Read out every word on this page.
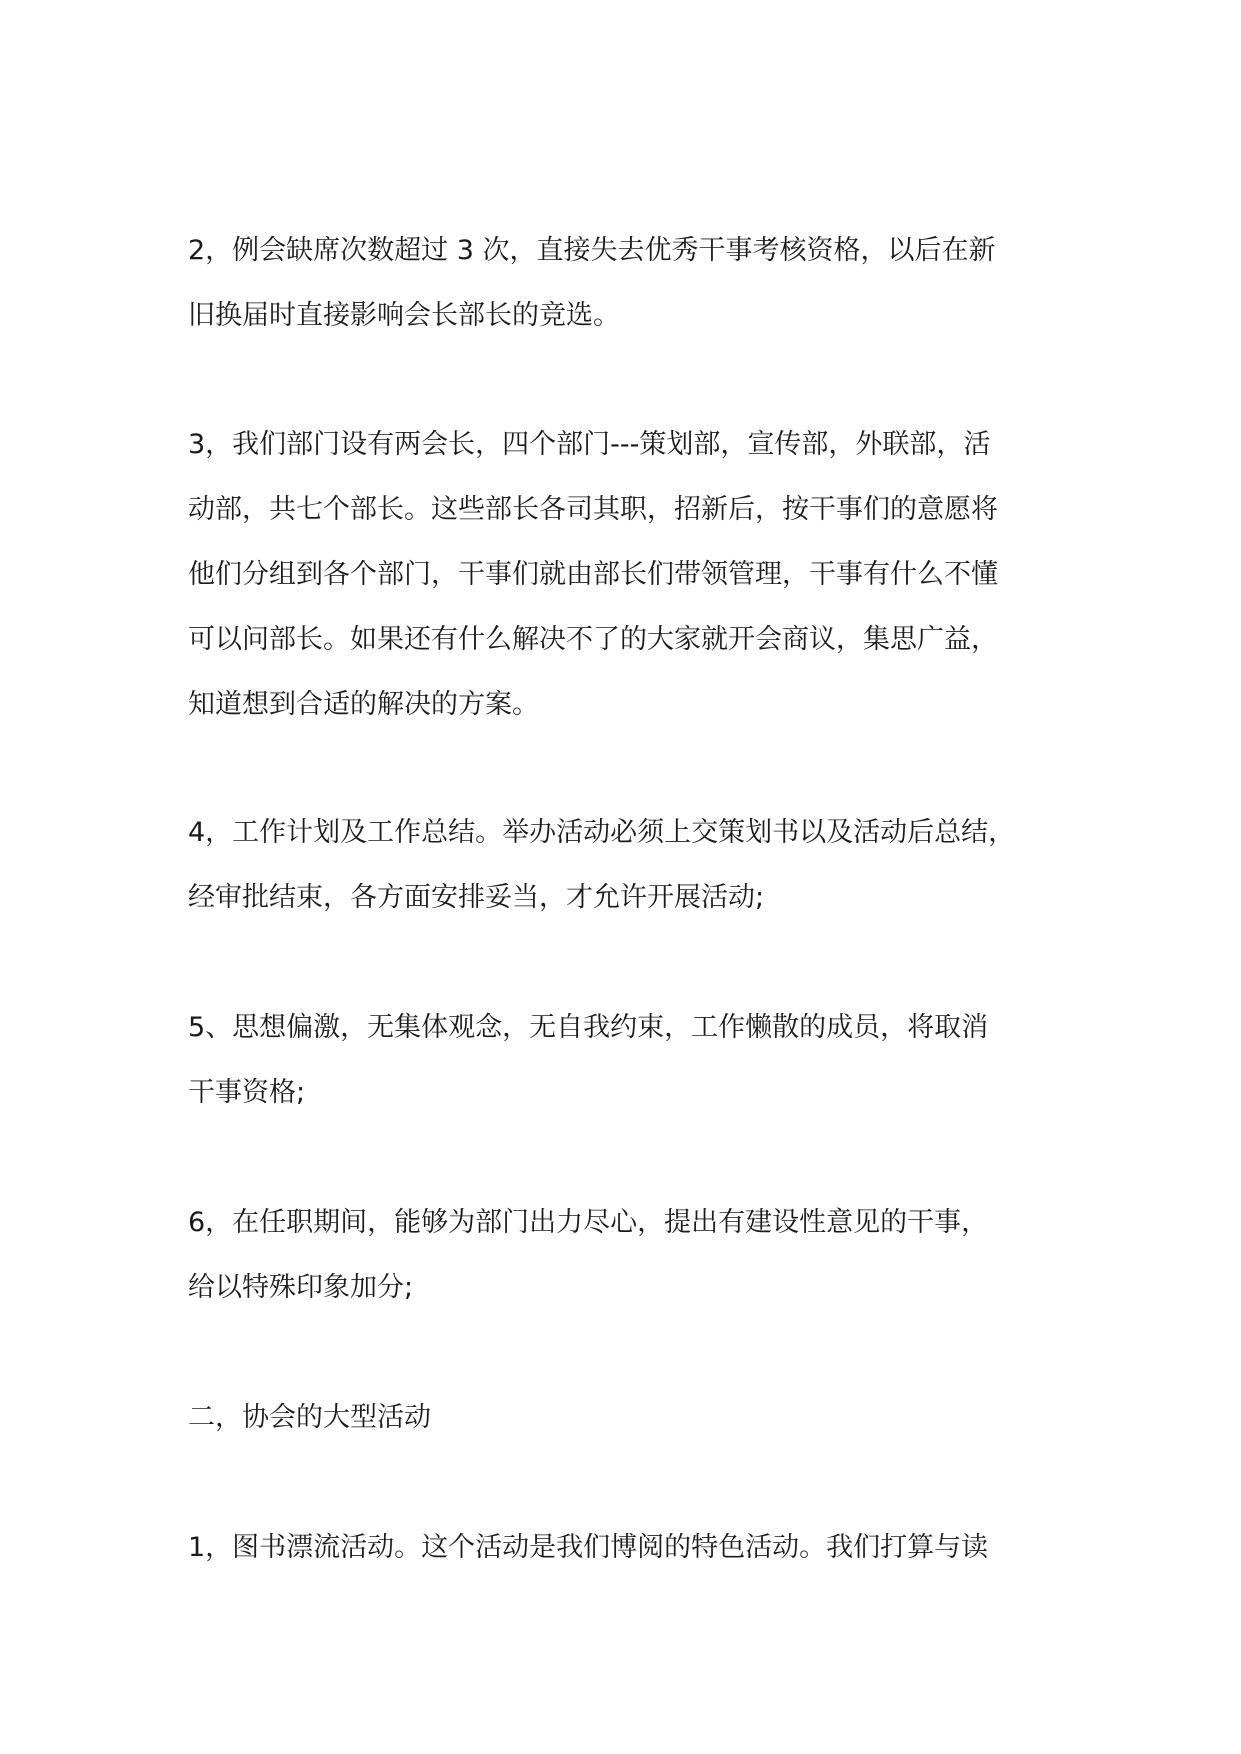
2，例会缺席次数超过 3 次，直接失去优秀干事考核资格，以后在新
旧换届时直接影响会长部长的竞选。
3，我们部门设有两会长，四个部门---策划部，宣传部，外联部，活
动部，共七个部长。这些部长各司其职，招新后，按干事们的意愿将
他们分组到各个部门，干事们就由部长们带领管理，干事有什么不懂
可以问部长。如果还有什么解决不了的大家就开会商议，集思广益，
知道想到合适的解决的方案。
4，工作计划及工作总结。举办活动必须上交策划书以及活动后总结，
经审批结束，各方面安排妥当，才允许开展活动;
5、思想偏激，无集体观念，无自我约束，工作懒散的成员，将取消
干事资格;
6，在任职期间，能够为部门出力尽心，提出有建设性意见的干事，
给以特殊印象加分;
二，协会的大型活动
1，图书漂流活动。这个活动是我们博阅的特色活动。我们打算与读
